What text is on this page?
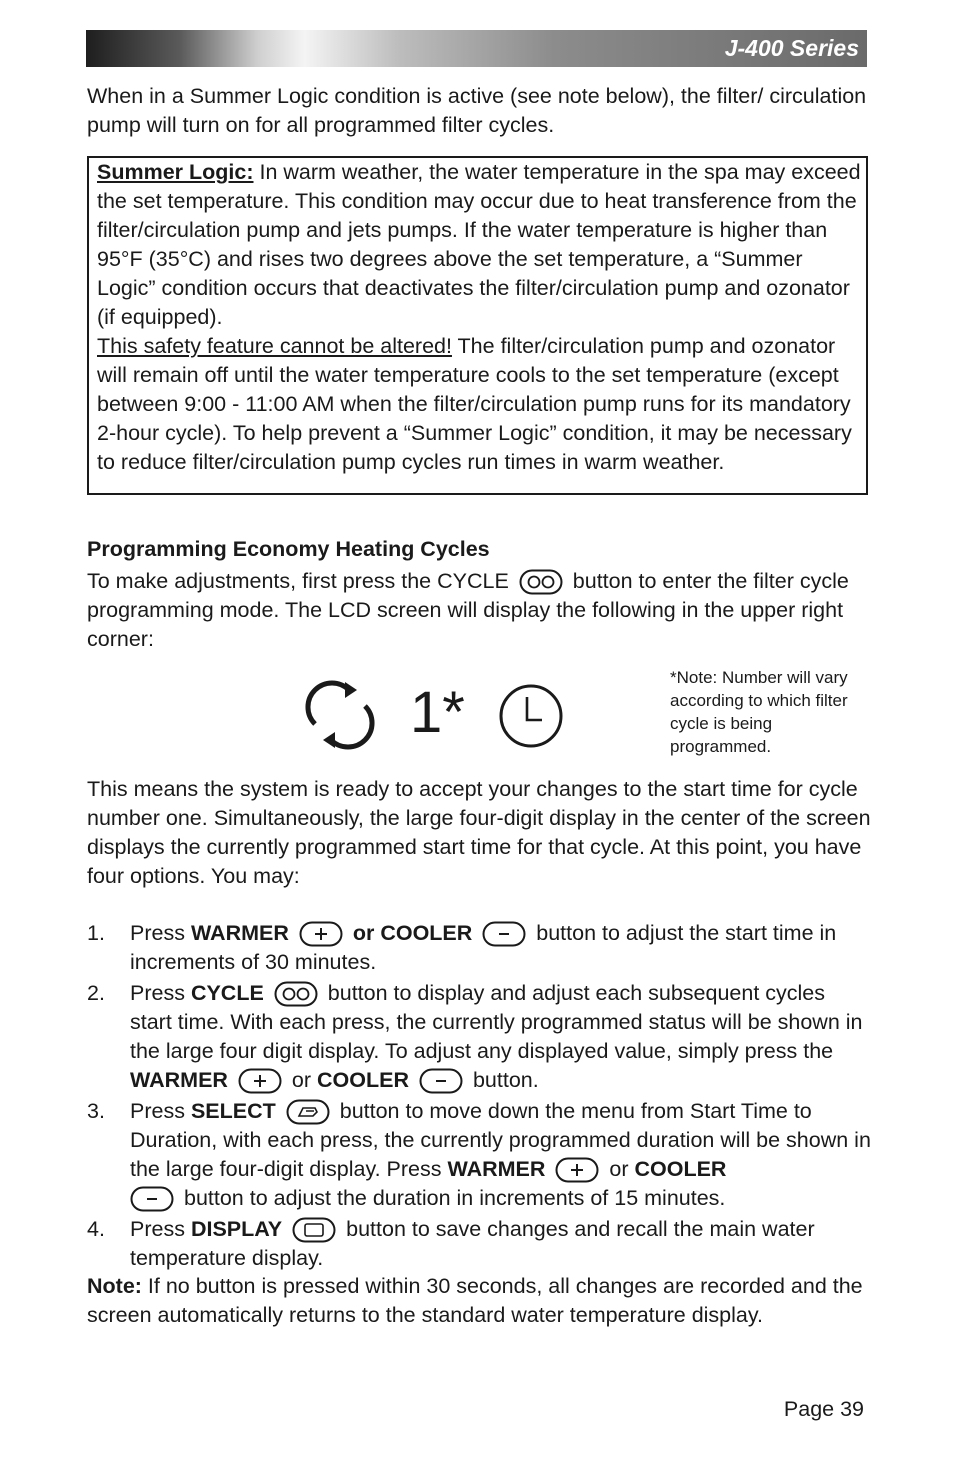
J-400 Series

When in a Summer Logic condition is active (see note below), the filter/ circulation pump will turn on for all programmed filter cycles.

Summer Logic: In warm weather, the water temperature in the spa may exceed the set temperature. This condition may occur due to heat transference from the filter/circulation pump and jets pumps. If the water temperature is higher than 95°F (35°C) and rises two degrees above the set temperature, a “Summer Logic” condition occurs that deactivates the filter/circulation pump and ozonator (if equipped).
This safety feature cannot be altered! The filter/circulation pump and ozonator will remain off until the water temperature cools to the set temperature (except between 9:00 - 11:00 AM when the filter/circulation pump runs for its mandatory 2-hour cycle). To help prevent a “Summer Logic” condition, it may be necessary to reduce filter/circulation pump cycles run times in warm weather.
Programming Economy Heating Cycles

To make adjustments, first press the CYCLE	button to enter the filter cycle programming mode. The LCD screen will display the following in the upper right corner:

1*
*Note: Number will vary according to which filter cycle is being programmed.

This means the system is ready to accept your changes to the start time for cycle number one. Simultaneously, the large four-digit display in the center of the screen displays the currently programmed start time for that cycle. At this point, you have four options. You may:

1. Press WARMER	or COOLER	button to adjust the start time in increments of 30 minutes.
2. Press CYCLE	button to display and adjust each subsequent cycles start time. With each press, the currently programmed status will be shown in the large four digit display. To adjust any displayed value, simply press the WARMER	or COOLER	button.
3. Press SELECT	button to move down the menu from Start Time to Duration, with each press, the currently programmed duration will be shown in the large four-digit display. Press WARMER	or COOLER
button to adjust the duration in increments of 15 minutes.
4. Press DISPLAY	button to save changes and recall the main water temperature display.

Note: If no button is pressed within 30 seconds, all changes are recorded and the screen automatically returns to the standard water temperature display.

Page 39
